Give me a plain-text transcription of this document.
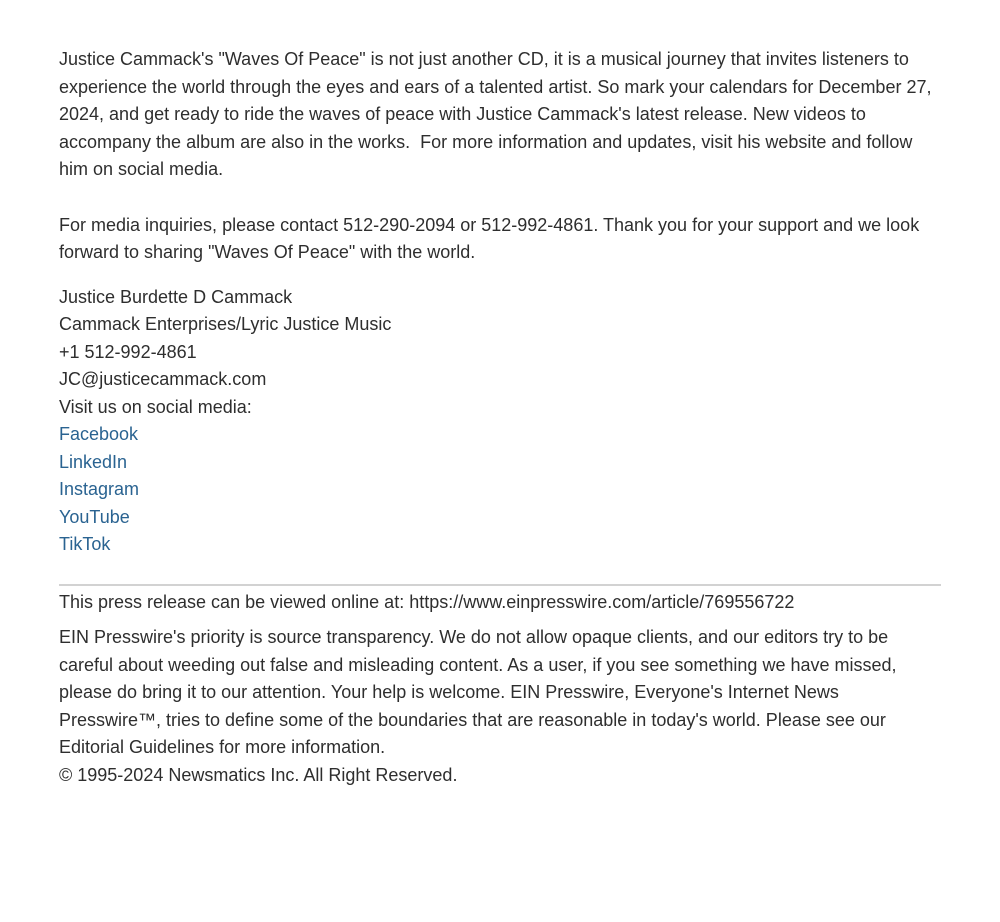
Justice Cammack's "Waves Of Peace" is not just another CD, it is a musical journey that invites listeners to experience the world through the eyes and ears of a talented artist. So mark your calendars for December 27, 2024, and get ready to ride the waves of peace with Justice Cammack's latest release. New videos to accompany the album are also in the works.  For more information and updates, visit his website and follow him on social media.

For media inquiries, please contact 512-290-2094 or 512-992-4861. Thank you for your support and we look forward to sharing "Waves Of Peace" with the world.

Justice Burdette D Cammack
Cammack Enterprises/Lyric Justice Music
+1 512-992-4861
JC@justicecammack.com
Visit us on social media:
Facebook
LinkedIn
Instagram
YouTube
TikTok

This press release can be viewed online at: https://www.einpresswire.com/article/769556722

EIN Presswire's priority is source transparency. We do not allow opaque clients, and our editors try to be careful about weeding out false and misleading content. As a user, if you see something we have missed, please do bring it to our attention. Your help is welcome. EIN Presswire, Everyone's Internet News Presswire™, tries to define some of the boundaries that are reasonable in today's world. Please see our Editorial Guidelines for more information.

© 1995-2024 Newsmatics Inc. All Right Reserved.
